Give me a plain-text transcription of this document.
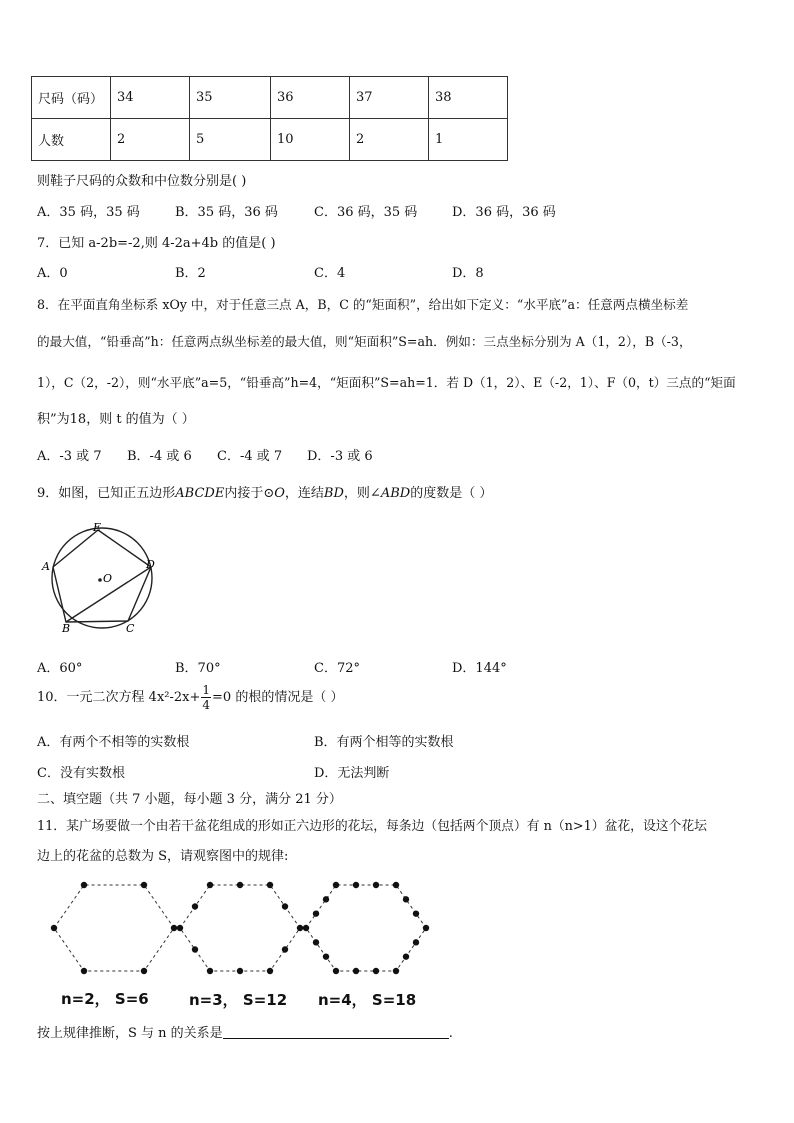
尺码（码）	34	35	36	37	38
人数	2	5	10	2	1
则鞋子尺码的众数和中位数分别是( )
A．35 码，35 码	B．35 码，36 码	C．36 码，35 码	D．36 码，36 码
7．已知 a-2b=-2,则 4-2a+4b 的值是( )
A．0	B．2	C．4	D．8
8．在平面直角坐标系 xOy 中，对于任意三点 A，B，C 的“矩面积”，给出如下定义：“水平底”a：任意两点横坐标差
的最大值，“铅垂高”h：任意两点纵坐标差的最大值，则“矩面积”S=ah．例如：三点坐标分别为 A（1，2），B（-3，
1），C（2，-2），则“水平底”a=5，“铅垂高”h=4，“矩面积”S=ah=1．若 D（1，2）、E（-2，1）、F（0，t）三点的“矩面
积”为18，则 t 的值为（ ）
A．-3 或 7 B．-4 或 6 C．-4 或 7 D．-3 或 6
9．如图，已知正五边形ABCDE内接于⊙O，连结BD，则∠ABD的度数是（ ）
E
A	D
B	C
O
A．60°	B．70°	C．72°	D．144°
10．一元二次方程 $4x^2-2x+ \frac{1}{4} =0$ 的根的情况是（ ）
A．有两个不相等的实数根	B．有两个相等的实数根
C．没有实数根	D．无法判断
二、填空题（共 7 小题，每小题 3 分，满分 21 分）
11．某广场要做一个由若干盆花组成的形如正六边形的花坛，每条边（包括两个顶点）有 n（n>1）盆花，设这个花坛
边上的花盆的总数为 S，请观察图中的规律:
n=2， S=6	n=3， S=12 n=4， S=18
按上规律推断，S 与 n 的关系是	.
